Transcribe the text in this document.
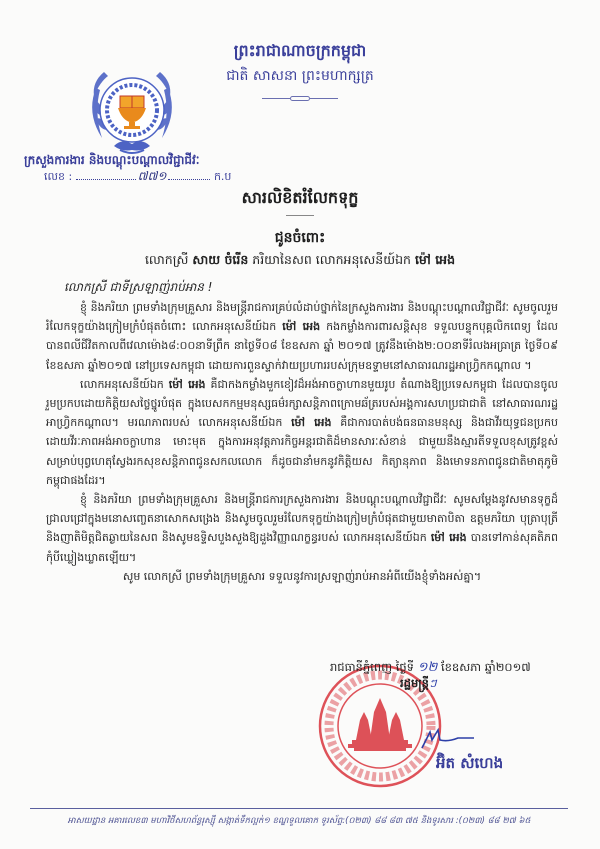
ព្រះរាជាណាចក្រកម្ពុជា
ជាតិ សាសនា ព្រះមហាក្សត្រ
ក្រសួងការងារ និងបណ្តុះបណ្តាលវិជ្ជាជីវៈ
លេខ :	៧៧១	ក.ប
សារលិខិតរំលែកទុក្ខ
ជូនចំពោះ
លោកស្រី សាយ ចំរើន ភរិយានៃសព លោកអនុសេនីយ៍ឯក ម៉ៅ អេង
លោកស្រី ជាទីស្រឡាញ់រាប់អាន !

ខ្ញុំ និងភរិយា ព្រមទាំងក្រុមគ្រួសារ និងមន្ត្រីរាជការគ្រប់លំដាប់ថ្នាក់នៃក្រសួងការងារ និងបណ្តុះបណ្តាលវិជ្ជាជីវៈ សូមចូលរួមរំលែកទុក្ខយ៉ាងក្រៀមក្រំបំផុតចំពោះ លោកអនុសេនីយ៍ឯក ម៉ៅ អេង កងកម្លាំងការពារសន្តិសុខ ទទួលបន្ទុកបុគ្គលិកពេទ្យ ដែលបានពលីជីវិតកាលពីវេលាម៉ោង៨:០០នាទីព្រឹក នាថ្ងៃទី០៨ ខែឧសភា ឆ្នាំ ២០១៧ ត្រូវនឹងម៉ោង២:០០នាទីរំលងអធ្រាត្រ ថ្ងៃទី០៩ ខែឧសភា ឆ្នាំ២០១៧ នៅប្រទេសកម្ពុជា ដោយការពួនស្ទាក់វាយប្រហាររបស់ក្រុមឧទ្ទាមនៅសាធារណរដ្ឋអាហ្វ្រិកកណ្តាល ។

លោកអនុសេនីយ៍ឯក ម៉ៅ អេង គឺជាកងកម្លាំងមួកខៀវដ៏អង់អាចក្លាហានមួយរូប តំណាងឱ្យប្រទេសកម្ពុជា ដែលបានចូលរួមប្រកបដោយកិត្តិយសថ្លៃថ្នូរបំផុត ក្នុងបេសកកម្មមនុស្សធម៌រក្សាសន្តិភាពក្រោមឆ័ត្ររបស់អង្គការសហប្រជាជាតិ នៅសាធារណរដ្ឋអាហ្វ្រិកកណ្តាល។ មរណភាពរបស់ លោកអនុសេនីយ៍ឯក ម៉ៅ អេង គឺជាការបាត់បង់ធនធានមនុស្ស និងជាវីរយុទ្ធជនប្រកបដោយវីរៈភាពអង់អាចក្លាហាន មោះមុត ក្នុងការអនុវត្តភារកិច្ចអន្តរជាតិដ៏មានសារៈសំខាន់ ជាមួយនឹងស្មារតីទទួលខុសត្រូវខ្ពស់សម្រាប់បុព្វហេតុស្វែងរកសុខសន្តិភាពជូនសកលលោក ក៏ដូចជានាំមកនូវកិត្តិយស កិត្យានុភាព និងមោទនភាពជូនជាតិមាតុភូមិកម្ពុជាផងដែរ។

ខ្ញុំ និងភរិយា ព្រមទាំងក្រុមគ្រួសារ និងមន្ត្រីរាជការក្រសួងការងារ និងបណ្តុះបណ្តាលវិជ្ជាជីវៈ សូមសម្តែងនូវសមានទុក្ខដ៏ជ្រាលជ្រៅក្នុងមនោសញ្ចេតនាសោកសង្រេង និងសូមចូលរួមរំលែកទុក្ខយ៉ាងក្រៀមក្រំបំផុតជាមួយមាតាបិតា ឧត្តមភរិយា បុត្រាបុត្រី និងញាតិមិត្តជិតឆ្ងាយនៃសព និងសូមឧទ្ទិសបួងសួងឱ្យដួងវិញ្ញាណក្ខន្ធរបស់ លោកអនុសេនីយ៍ឯក ម៉ៅ អេង បានទៅកាន់សុគតិភពកុំបីឃ្លៀងឃ្លាតឡើយ។

សូម លោកស្រី ព្រមទាំងក្រុមគ្រួសារ ទទួលនូវការស្រឡាញ់រាប់អានអំពីយើងខ្ញុំទាំងអស់គ្នា។

រាជធានីភ្នំពេញ ថ្ងៃទី ១២ ខែឧសភា ឆ្នាំ២០១៧
រដ្ឋមន្ត្រីៗ
អ៊ិត សំហេង
អាសយដ្ឋាន អគារលេខ៣ មហាវិថីសហព័ន្ធរុស្ស៊ី សង្កាត់ទឹកល្អក់១ ខណ្ឌទួលគោក ទូរស័ព្ទ:(០២៣) ៨៨ ៨៣ ៧៥ និងទូរសារ :(០២៣) ៨៨ ២៧ ៦៥
